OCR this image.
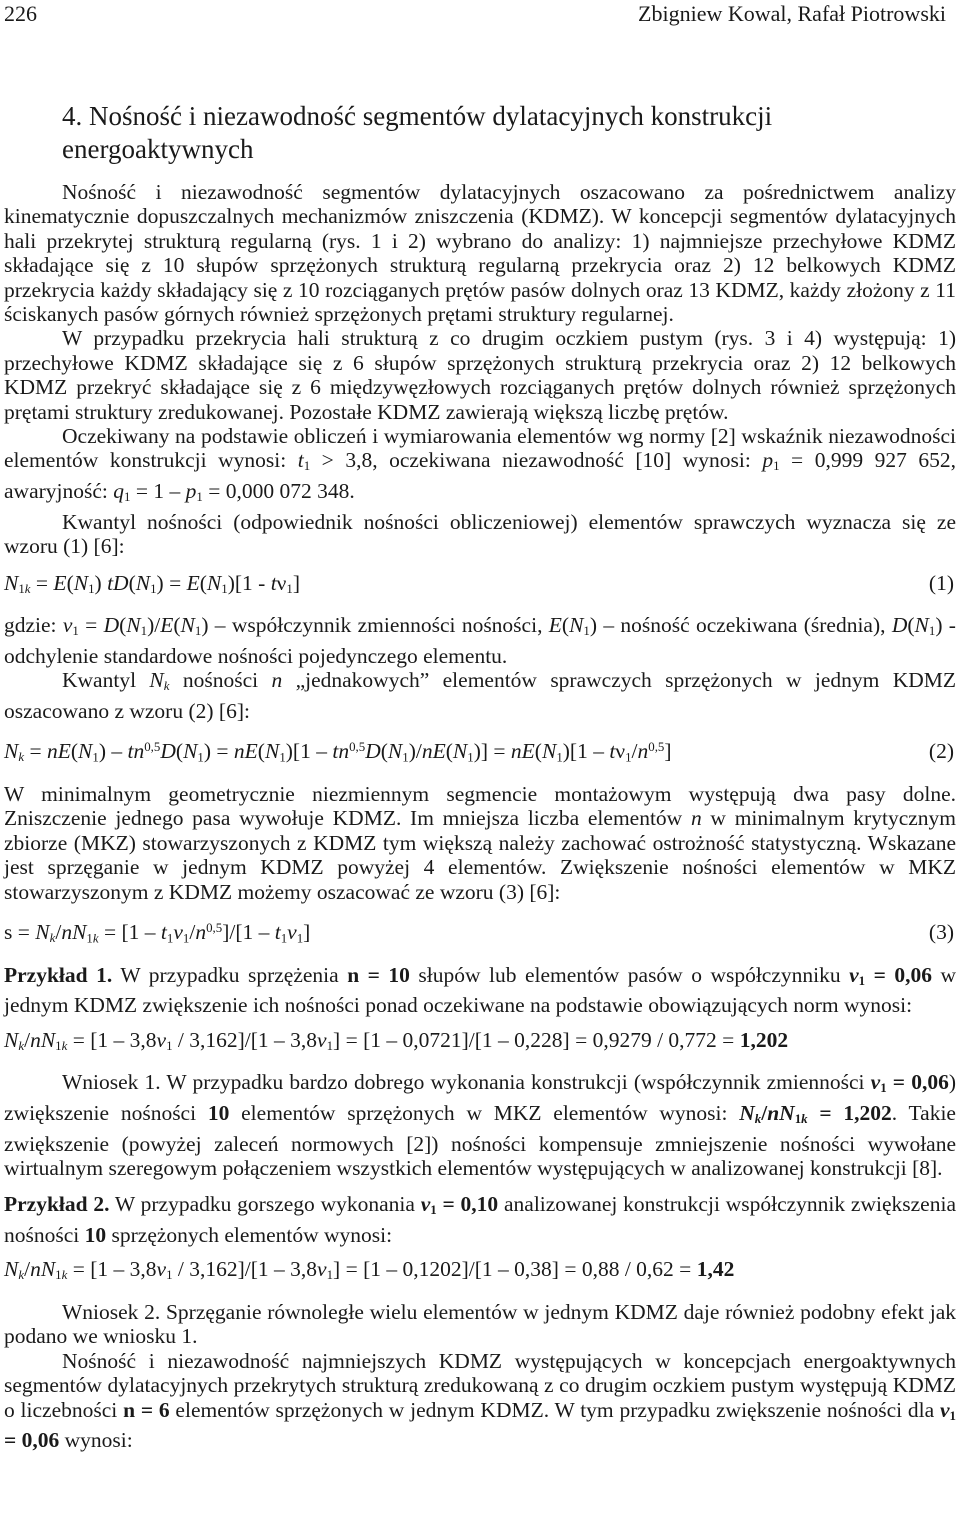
226	Zbigniew Kowal, Rafał Piotrowski
4. Nośność i niezawodność segmentów dylatacyjnych konstrukcji energoaktywnych

Nośność i niezawodność segmentów dylatacyjnych oszacowano za pośrednictwem analizy kinematycznie dopuszczalnych mechanizmów zniszczenia (KDMZ). W koncepcji segmentów dylatacyjnych hali przekrytej strukturą regularną (rys. 1 i 2) wybrano do analizy: 1) najmniejsze przechyłowe KDMZ składające się z 10 słupów sprzężonych strukturą regularną przekrycia oraz 2) 12 belkowych KDMZ przekrycia każdy składający się z 10 rozciąganych prętów pasów dolnych oraz 13 KDMZ, każdy złożony z 11 ściskanych pasów górnych również sprzężonych prętami struktury regularnej.

W przypadku przekrycia hali strukturą z co drugim oczkiem pustym (rys. 3 i 4) występują: 1) przechyłowe KDMZ składające się z 6 słupów sprzężonych strukturą przekrycia oraz 2) 12 belkowych KDMZ przekryć składające się z 6 międzywęzłowych rozciąganych prętów dolnych również sprzężonych prętami struktury zredukowanej. Pozostałe KDMZ zawierają większą liczbę prętów.

Oczekiwany na podstawie obliczeń i wymiarowania elementów wg normy [2] wskaźnik niezawodności elementów konstrukcji wynosi: $t_1 > 3,8$, oczekiwana niezawodność [10] wynosi: $p_1 = 0,999$ 927 652, awaryjność: $q_1 = 1 - p_1 = 0,000$ 072 348.

Kwantyl nośności (odpowiednik nośności obliczeniowej) elementów sprawczych wyznacza się ze wzoru (1) [6]:

$N_{1k} = E(N_1) tD(N_1) = E(N_1)[1 - t\nu_1]$	(1)

gdzie: $v_1 = D(N_1)/E(N_1)$ – współczynnik zmienności nośności, $E(N_1)$ – nośność oczekiwana (średnia), $D(N_1)$ - odchylenie standardowe nośności pojedynczego elementu.

Kwantyl $N_k$ nośności n „jednakowych” elementów sprawczych sprzężonych w jednym KDMZ oszacowano z wzoru (2) [6]:

$N_k = nE(N_1) - tn^{0,5}D(N_1) = nE(N_1)[1 - tn^{0,5}D(N_1)/nE(N_1)] = nE(N_1)[1 - t\nu_1/n^{0,5}]$	(2)

W minimalnym geometrycznie niezmiennym segmencie montażowym występują dwa pasy dolne. Zniszczenie jednego pasa wywołuje KDMZ. Im mniejsza liczba elementów n w minimalnym krytycznym zbiorze (MKZ) stowarzyszonych z KDMZ tym większą należy zachować ostrożność statystyczną. Wskazane jest sprzęganie w jednym KDMZ powyżej 4 elementów. Zwiększenie nośności elementów w MKZ stowarzyszonym z KDMZ możemy oszacować ze wzoru (3) [6]:

$s = N_k/nN_{1k} = [1 - t_1v_1/n^{0,5}]/[1 - t_1v_1]$	(3)

Przykład 1. W przypadku sprzężenia n = 10 słupów lub elementów pasów o współczynniku $v_1 = 0,06$ w jednym KDMZ zwiększenie ich nośności ponad oczekiwane na podstawie obowiązujących norm wynosi:

$N_k/nN_{1k} = [1 - 3,8v_1 / 3,162]/[1 - 3,8v_1] = [1 - 0,0721]/[1 - 0,228] = 0,9279 / 0,772 = 1,202$

Wniosek 1. W przypadku bardzo dobrego wykonania konstrukcji (współczynnik zmienności $v_1 = 0,06$) zwiększenie nośności 10 elementów sprzężonych w MKZ elementów wynosi: $N_k/nN_{1k} = 1,202$. Takie zwiększenie (powyżej zaleceń normowych [2]) nośności kompensuje zmniejszenie nośności wywołane wirtualnym szeregowym połączeniem wszystkich elementów występujących w analizowanej konstrukcji [8].

Przykład 2. W przypadku gorszego wykonania $v_1 = 0,10$ analizowanej konstrukcji współczynnik zwiększenia nośności 10 sprzężonych elementów wynosi:

$N_k/nN_{1k} = [1 - 3,8v_1 / 3,162]/[1 - 3,8v_1] = [1 - 0,1202]/[1 - 0,38] = 0,88 / 0,62 = 1,42$

Wniosek 2. Sprzęganie równoległe wielu elementów w jednym KDMZ daje również podobny efekt jak podano we wniosku 1.

Nośność i niezawodność najmniejszych KDMZ występujących w koncepcjach energoaktywnych segmentów dylatacyjnych przekrytych strukturą zredukowaną z co drugim oczkiem pustym występują KDMZ o liczebności n = 6 elementów sprzężonych w jednym KDMZ. W tym przypadku zwiększenie nośności dla $v_1 = 0,06$ wynosi:
